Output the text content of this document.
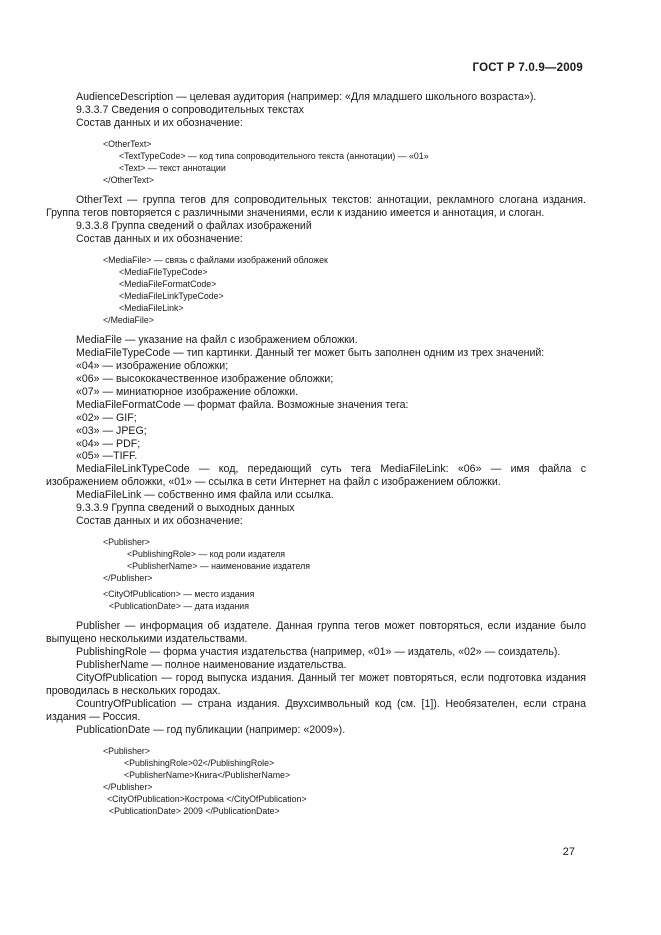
ГОСТ Р 7.0.9—2009
AudienceDescription — целевая аудитория (например: «Для младшего школьного возраста»).
9.3.3.7 Сведения о сопроводительных текстах
Состав данных и их обозначение:
<OtherText>
<TextTypeCode> — код типа сопроводительного текста (аннотации) — «01»
<Text> — текст аннотации
</OtherText>
OtherText — группа тегов для сопроводительных текстов: аннотации, рекламного слогана издания. Группа тегов повторяется с различными значениями, если к изданию имеется и аннотация, и слоган.
9.3.3.8 Группа сведений о файлах изображений
Состав данных и их обозначение:
<MediaFile> — связь с файлами изображений обложек
<MediaFileTypeCode>
<MediaFileFormatCode>
<MediaFileLinkTypeCode>
<MediaFileLink>
</MediaFile>
MediaFile — указание на файл с изображением обложки.
MediaFileTypeCode — тип картинки. Данный тег может быть заполнен одним из трех значений:
«04» — изображение обложки;
«06» — высококачественное изображение обложки;
«07» — миниатюрное изображение обложки.
MediaFileFormatCode — формат файла. Возможные значения тега:
«02» — GIF;
«03» — JPEG;
«04» — PDF;
«05» —TIFF.
MediaFileLinkTypeCode — код, передающий суть тега MediaFileLink: «06» — имя файла с изображением обложки, «01» — ссылка в сети Интернет на файл с изображением обложки.
MediaFileLink — собственно имя файла или ссылка.
9.3.3.9 Группа сведений о выходных данных
Состав данных и их обозначение:
<Publisher>
<PublishingRole> — код роли издателя
<PublisherName> — наименование издателя
</Publisher>
<CityOfPublication> — место издания
<PublicationDate> — дата издания
Publisher — информация об издателе. Данная группа тегов может повторяться, если издание было выпущено несколькими издательствами.
PublishingRole — форма участия издательства (например, «01» — издатель, «02» — соиздатель).
PublisherName — полное наименование издательства.
CityOfPublication — город выпуска издания. Данный тег может повторяться, если подготовка издания проводилась в нескольких городах.
CountryOfPublication — страна издания. Двухсимвольный код (см. [1]). Необязателен, если страна издания — Россия.
PublicationDate — год публикации (например: «2009»).
<Publisher>
<PublishingRole>02</PublishingRole>
<PublisherName>Книга</PublisherName>
</Publisher>
<CityOfPublication>Кострома </CityOfPublication>
<PublicationDate> 2009 </PublicationDate>
27
